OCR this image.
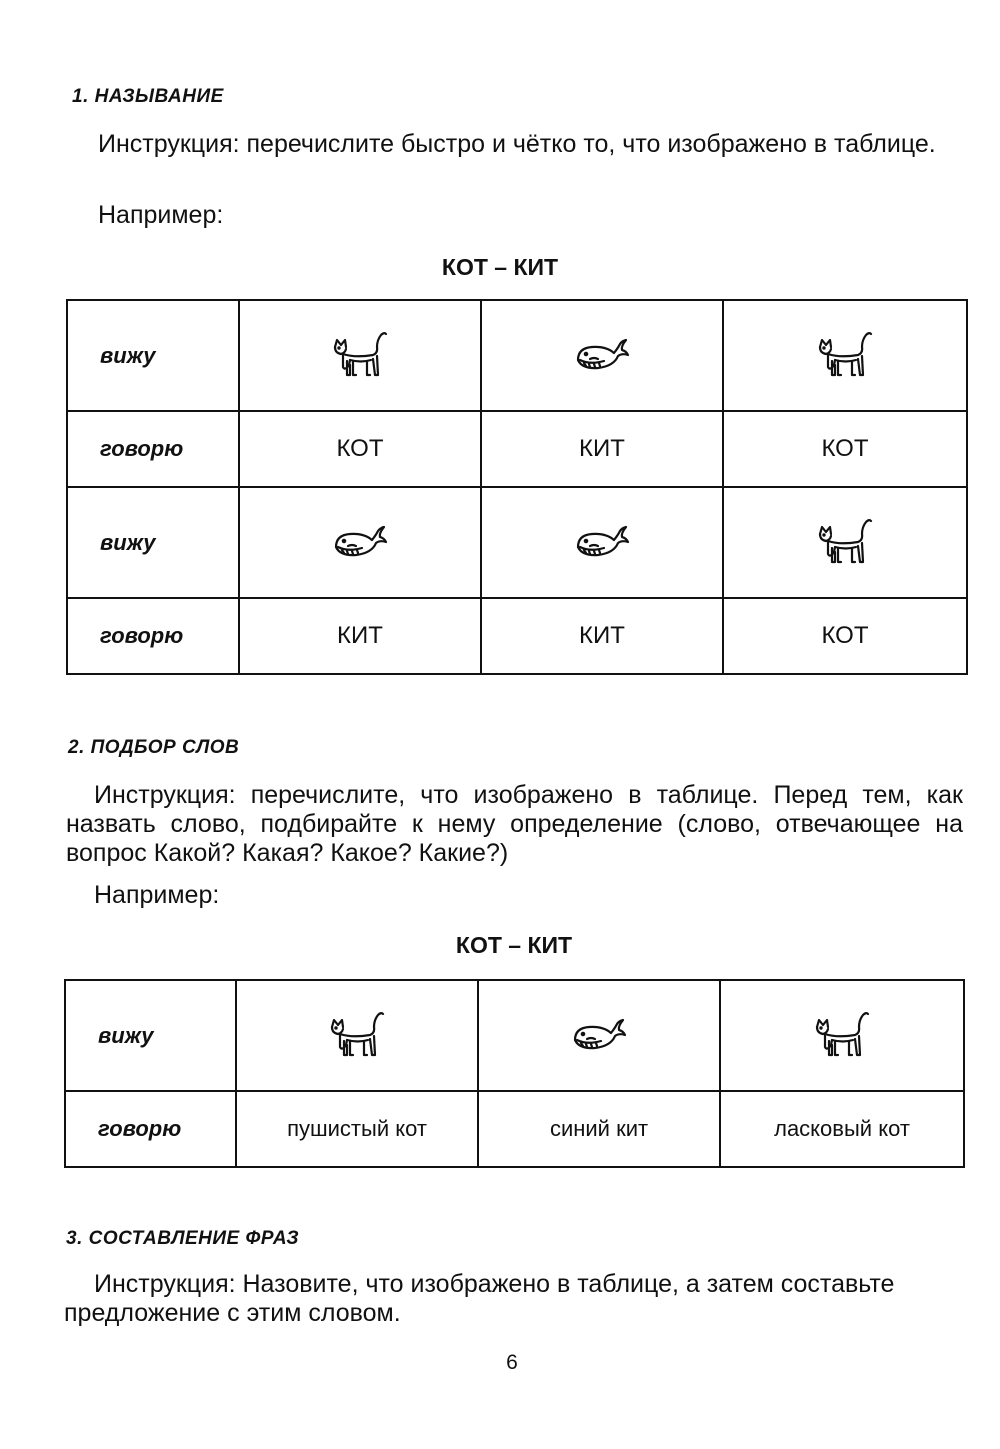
1. НАЗЫВАНИЕ

Инструкция: перечислите быстро и чётко то, что изображено в таблице.

Например:
КОТ – КИТ
вижу	

говорю	КОТ	КИТ	КОТ
вижу	

говорю	КИТ	КИТ	КОТ
2. ПОДБОР СЛОВ

Инструкция: перечислите, что изображено в таблице. Перед тем, как назвать слово, подбирайте к нему определение (слово, отвечающее на вопрос Какой? Какая? Какое? Какие?)

Например:
КОТ – КИТ
вижу	

говорю	пушистый кот	синий кит	ласковый кот
3. СОСТАВЛЕНИЕ ФРАЗ

Инструкция: Назовите, что изображено в таблице, а затем составьте предложение с этим словом.

6
